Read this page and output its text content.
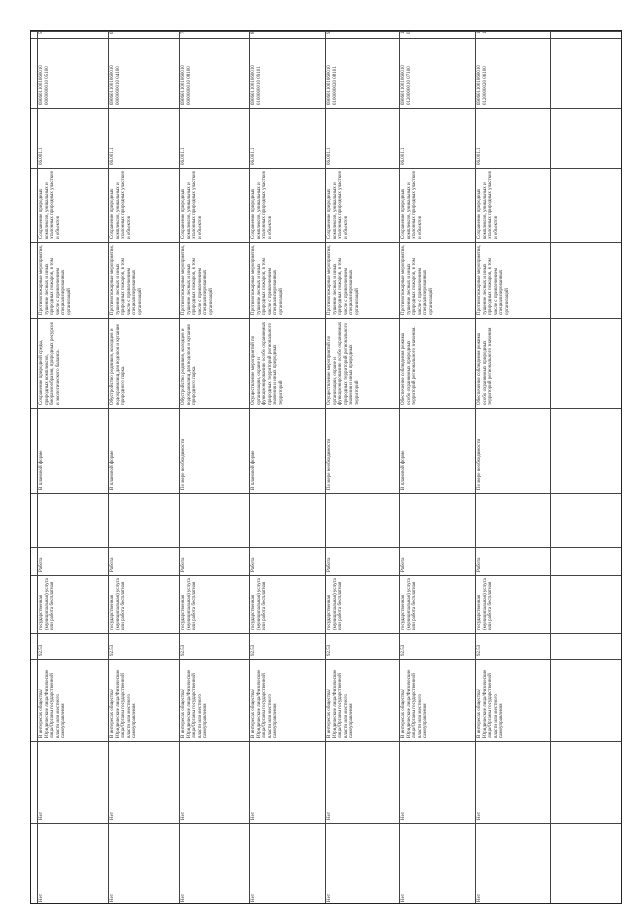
5
6906011001060010 0000000010 05100
06.001.1
Сохранение природных комплексов, уникальных и эталонных природных участков и объектов
Противопожарные мероприятия, тушение лесных и иных природных пожаров, в том числе с привлечением специализированных организаций
Сохранение природной среды, природных комплексов, биоразнообразия, природных ресурсов и экологического баланса.
В плановой форме
Работа
государственная (муниципальная) услуга или работа бесплатная
92.53
В интересах общества/Юридические лица/Физические лица/Органы государственной власти или местного самоуправления
Нет
Нет
6
6906011001060010 0000000010 04100
06.001.1
Сохранение природных комплексов, уникальных и эталонных природных участков и объектов
Противопожарные мероприятия, тушение лесных и иных природных пожаров, в том числе с привлечением специализированных организаций
Обустройство родников, колодцев и водохранилищ для водопоя и купания природного парка.
В плановой форме
Работа
государственная (муниципальная) услуга или работа бесплатная
92.53
В интересах общества/Юридические лица/Физические лица/Органы государственной власти или местного самоуправления
Нет
Нет
7
6906011001060010 0000000010 08100
06.001.1
Сохранение природных комплексов, уникальных и эталонных природных участков и объектов
Противопожарные мероприятия, тушение лесных и иных природных пожаров, в том числе с привлечением специализированных организаций
Обустройство родников, колодцев и водохранилищ для водопоя и купания природного парка.
По мере необходимости
Работа
государственная (муниципальная) услуга или работа бесплатная
92.53
В интересах общества/Юридические лица/Физические лица/Органы государственной власти или местного самоуправления
Нет
Нет
8
6906011001060010 0100000010 09101
06.001.1
Сохранение природных комплексов, уникальных и эталонных природных участков и объектов
Противопожарные мероприятия, тушение лесных и иных природных пожаров, в том числе с привлечением специализированных организаций
Осуществление мероприятий по организации, охране и функционированию особо охраняемых природных территорий регионального значения и иных природных территорий
В плановой форме
Работа
государственная (муниципальная) услуга или работа бесплатная
92.53
В интересах общества/Юридические лица/Физические лица/Органы государственной власти или местного самоуправления
Нет
Нет
9
6906011001060010 0100000020 08101
06.001.1
Сохранение природных комплексов, уникальных и эталонных природных участков и объектов
Противопожарные мероприятия, тушение лесных и иных природных пожаров, в том числе с привлечением специализированных организаций
Осуществление мероприятий по организации, охране и функционированию особо охраняемых природных территорий регионального значения и иных природных территорий
По мере необходимости
Работа
государственная (муниципальная) услуга или работа бесплатная
92.53
В интересах общества/Юридические лица/Физические лица/Органы государственной власти или местного самоуправления
Нет
Нет
10
6906011001060010 0120000010 07100
06.001.1
Сохранение природных комплексов, уникальных и эталонных природных участков и объектов
Противопожарные мероприятия, тушение лесных и иных природных пожаров, в том числе с привлечением специализированных организаций
Обеспечение соблюдения режима особо охраняемых природных территорий регионального значения.
В плановой форме
Работа
государственная (муниципальная) услуга или работа бесплатная
92.53
В интересах общества/Юридические лица/Физические лица/Органы государственной власти или местного самоуправления
Нет
Нет
11
6906011001060010 0120000020 06100
06.001.1
Сохранение природных комплексов, уникальных и эталонных природных участков и объектов
Противопожарные мероприятия, тушение лесных и иных природных пожаров, в том числе с привлечением специализированных организаций
Обеспечение соблюдения режима особо охраняемых природных территорий регионального значения
По мере необходимости
Работа
государственная (муниципальная) услуга или работа бесплатная
92.53
В интересах общества/Юридические лица/Физические лица/Органы государственной власти или местного самоуправления
Нет
Нет
